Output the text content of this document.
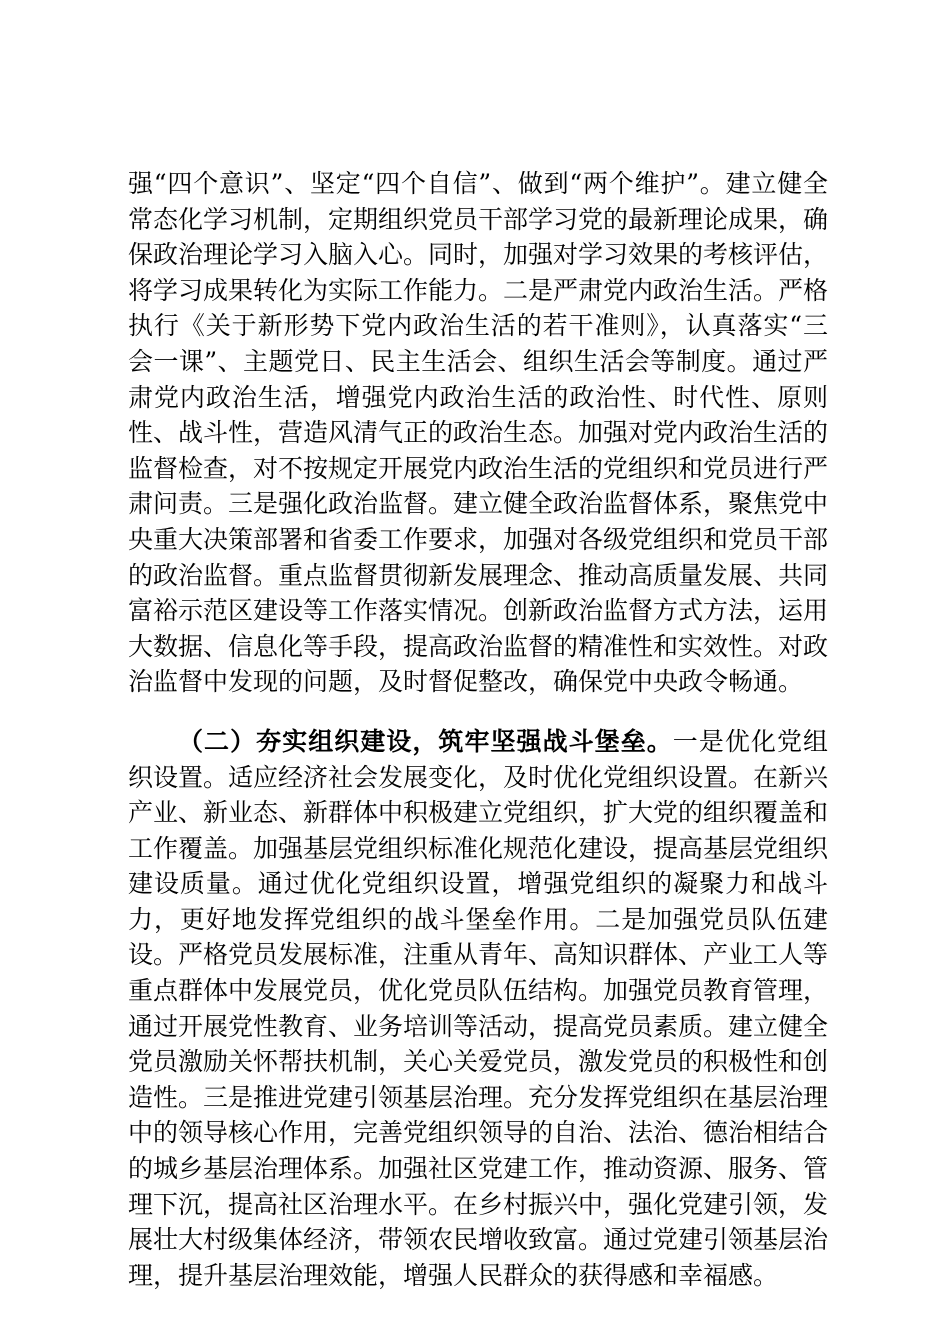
强“四个意识”、坚定“四个自信”、做到“两个维护”。建立健全常态化学习机制，定期组织党员干部学习党的最新理论成果，确保政治理论学习入脑入心。同时，加强对学习效果的考核评估，将学习成果转化为实际工作能力。二是严肃党内政治生活。严格执行《关于新形势下党内政治生活的若干准则》，认真落实“三会一课”、主题党日、民主生活会、组织生活会等制度。通过严肃党内政治生活，增强党内政治生活的政治性、时代性、原则性、战斗性，营造风清气正的政治生态。加强对党内政治生活的监督检查，对不按规定开展党内政治生活的党组织和党员进行严肃问责。三是强化政治监督。建立健全政治监督体系，聚焦党中央重大决策部署和省委工作要求，加强对各级党组织和党员干部的政治监督。重点监督贯彻新发展理念、推动高质量发展、共同富裕示范区建设等工作落实情况。创新政治监督方式方法，运用大数据、信息化等手段，提高政治监督的精准性和实效性。对政治监督中发现的问题，及时督促整改，确保党中央政令畅通。

（二）夯实组织建设，筑牢坚强战斗堡垒。一是优化党组织设置。适应经济社会发展变化，及时优化党组织设置。在新兴产业、新业态、新群体中积极建立党组织，扩大党的组织覆盖和工作覆盖。加强基层党组织标准化规范化建设，提高基层党组织建设质量。通过优化党组织设置，增强党组织的凝聚力和战斗力，更好地发挥党组织的战斗堡垒作用。二是加强党员队伍建设。严格党员发展标准，注重从青年、高知识群体、产业工人等重点群体中发展党员，优化党员队伍结构。加强党员教育管理，通过开展党性教育、业务培训等活动，提高党员素质。建立健全党员激励关怀帮扶机制，关心关爱党员，激发党员的积极性和创造性。三是推进党建引领基层治理。充分发挥党组织在基层治理中的领导核心作用，完善党组织领导的自治、法治、德治相结合的城乡基层治理体系。加强社区党建工作，推动资源、服务、管理下沉，提高社区治理水平。在乡村振兴中，强化党建引领，发展壮大村级集体经济，带领农民增收致富。通过党建引领基层治理，提升基层治理效能，增强人民群众的获得感和幸福感。
